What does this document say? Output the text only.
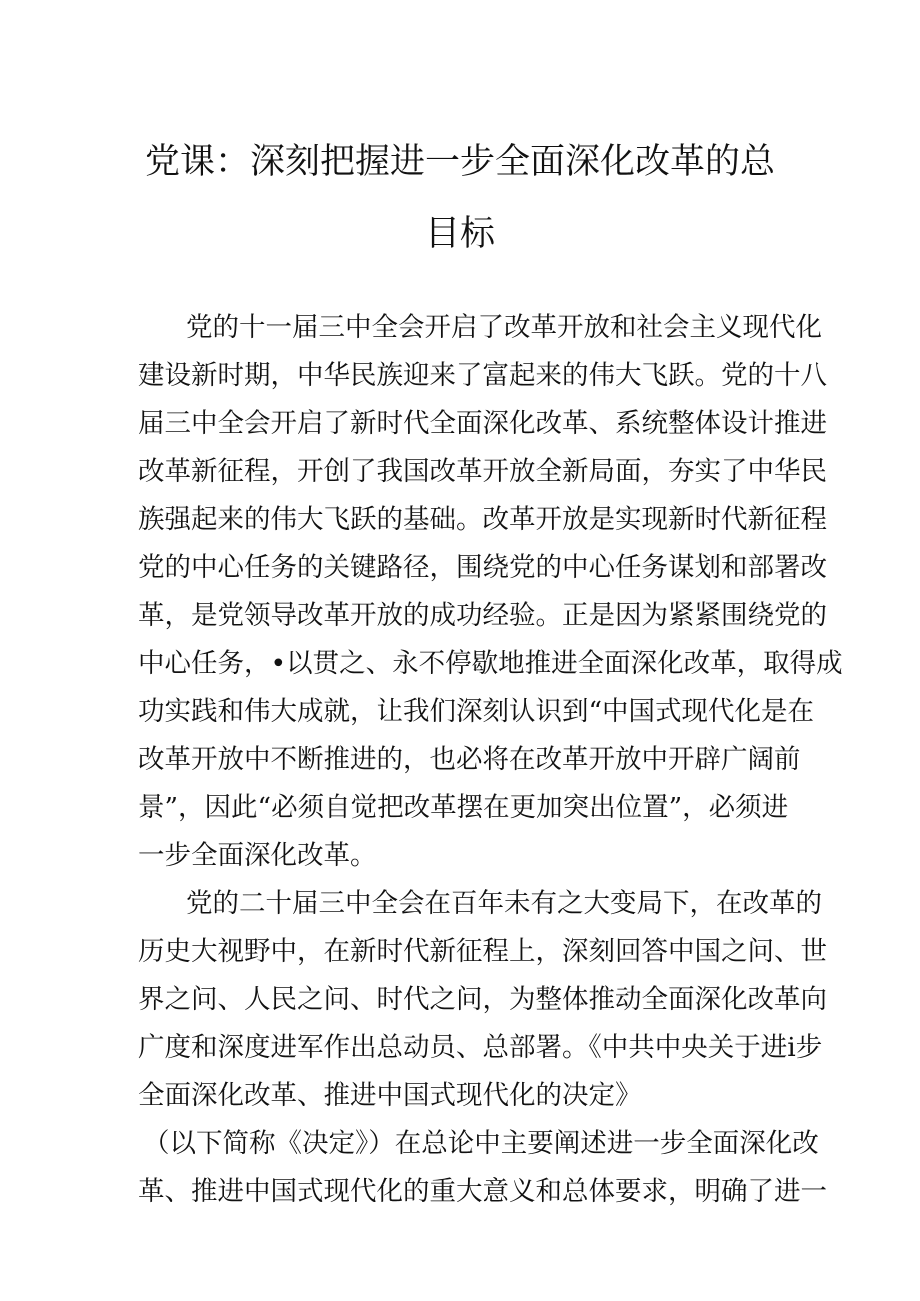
党课：深刻把握进一步全面深化改革的总
目标

党的十一届三中全会开启了改革开放和社会主义现代化

建设新时期，中华民族迎来了富起来的伟大飞跃。党的十八

届三中全会开启了新时代全面深化改革、系统整体设计推进

改革新征程，开创了我国改革开放全新局面，夯实了中华民

族强起来的伟大飞跃的基础。改革开放是实现新时代新征程

党的中心任务的关键路径，围绕党的中心任务谋划和部署改

革，是党领导改革开放的成功经验。正是因为紧紧围绕党的

中心任务，•以贯之、永不停歇地推进全面深化改革，取得成

功实践和伟大成就，让我们深刻认识到“中国式现代化是在

改革开放中不断推进的，也必将在改革开放中开辟广阔前

景”，因此“必须自觉把改革摆在更加突出位置”，必须进

一步全面深化改革。

党的二十届三中全会在百年未有之大变局下，在改革的

历史大视野中，在新时代新征程上，深刻回答中国之问、世

界之问、人民之问、时代之问，为整体推动全面深化改革向

广度和深度进军作出总动员、总部署。《中共中央关于进i步

全面深化改革、推进中国式现代化的决定》

（以下简称《决定》）在总论中主要阐述进一步全面深化改

革、推进中国式现代化的重大意义和总体要求，明确了进一
